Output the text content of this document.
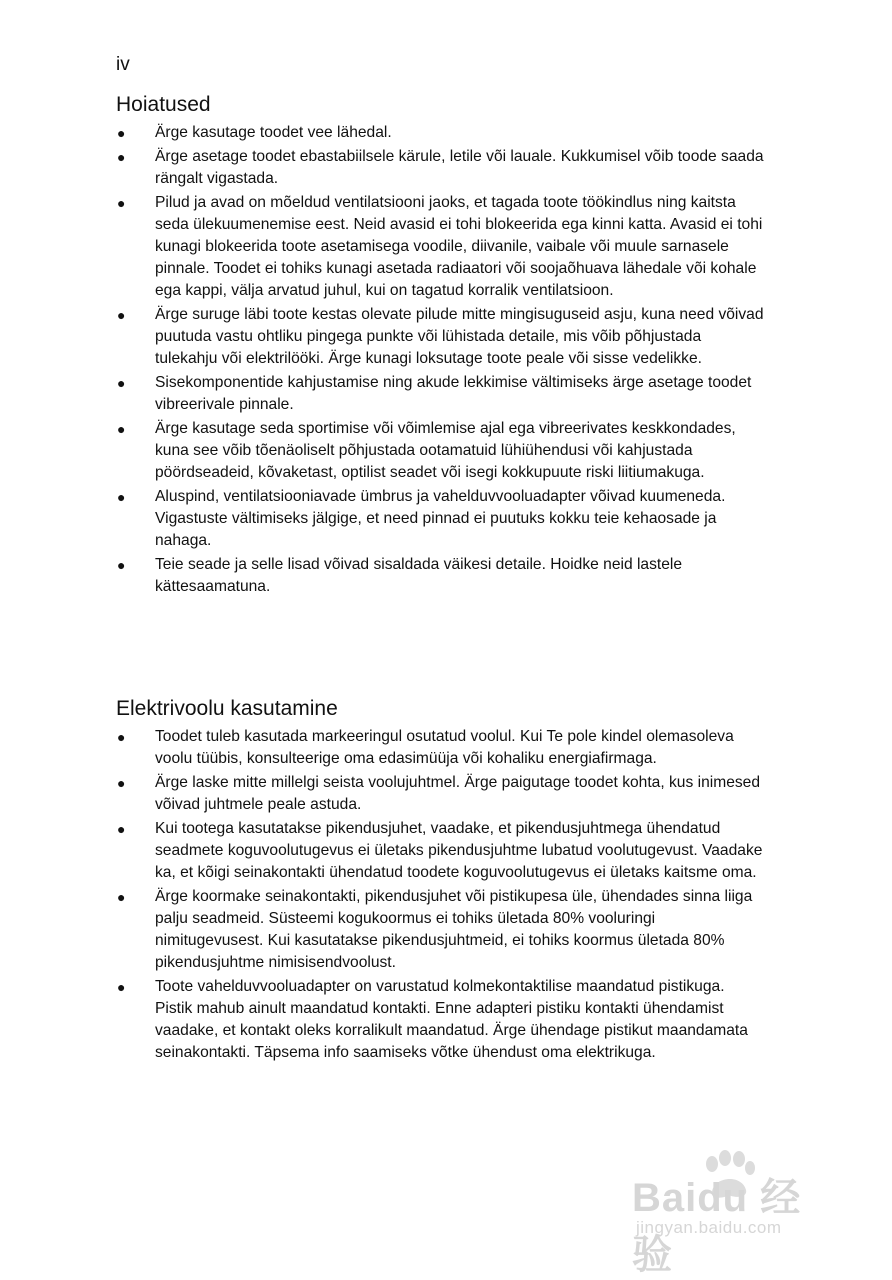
iv
Hoiatused
● Ärge kasutage toodet vee lähedal.
● Ärge asetage toodet ebastabiilsele kärule, letile või lauale. Kukkumisel võib toode saada rängalt vigastada.
● Pilud ja avad on mõeldud ventilatsiooni jaoks, et tagada toote töökindlus ning kaitsta seda ülekuumenemise eest. Neid avasid ei tohi blokeerida ega kinni katta. Avasid ei tohi kunagi blokeerida toote asetamisega voodile, diivanile, vaibale või muule sarnasele pinnale. Toodet ei tohiks kunagi asetada radiaatori või soojaõhuava lähedale või kohale ega kappi, välja arvatud juhul, kui on tagatud korralik ventilatsioon.
● Ärge suruge läbi toote kestas olevate pilude mitte mingisuguseid asju, kuna need võivad puutuda vastu ohtliku pingega punkte või lühistada detaile, mis võib põhjustada tulekahju või elektrilööki. Ärge kunagi loksutage toote peale või sisse vedelikke.
● Sisekomponentide kahjustamise ning akude lekkimise vältimiseks ärge asetage toodet vibreerivale pinnale.
● Ärge kasutage seda sportimise või võimlemise ajal ega vibreerivates keskkondades, kuna see võib tõenäoliselt põhjustada ootamatuid lühiühendusi või kahjustada pöördseadeid, kõvaketast, optilist seadet või isegi kokkupuute riski liitiumakuga.
● Aluspind, ventilatsiooniavade ümbrus ja vahelduvvooluadapter võivad kuumeneda. Vigastuste vältimiseks jälgige, et need pinnad ei puutuks kokku teie kehaosade ja nahaga.
● Teie seade ja selle lisad võivad sisaldada väikesi detaile. Hoidke neid lastele kättesaamatuna.
Elektrivoolu kasutamine
● Toodet tuleb kasutada markeeringul osutatud voolul. Kui Te pole kindel olemasoleva voolu tüübis, konsulteerige oma edasimüüja või kohaliku energiafirmaga.
● Ärge laske mitte millelgi seista voolujuhtmel. Ärge paigutage toodet kohta, kus inimesed võivad juhtmele peale astuda.
● Kui tootega kasutatakse pikendusjuhet, vaadake, et pikendusjuhtmega ühendatud seadmete koguvoolutugevus ei ületaks pikendusjuhtme lubatud voolutugevust. Vaadake ka, et kõigi seinakontakti ühendatud toodete koguvoolutugevus ei ületaks kaitsme oma.
● Ärge koormake seinakontakti, pikendusjuhet või pistikupesa üle, ühendades sinna liiga palju seadmeid. Süsteemi kogukoormus ei tohiks ületada 80% vooluringi nimitugevusest. Kui kasutatakse pikendusjuhtmeid, ei tohiks koormus ületada 80% pikendusjuhtme nimisisendvoolust.
● Toote vahelduvvooluadapter on varustatud kolmekontaktilise maandatud pistikuga. Pistik mahub ainult maandatud kontakti. Enne adapteri pistiku kontakti ühendamist vaadake, et kontakt oleks korralikult maandatud. Ärge ühendage pistikut maandamata seinakontakti. Täpsema info saamiseks võtke ühendust oma elektrikuga.
Baidu 经验
jingyan.baidu.com
